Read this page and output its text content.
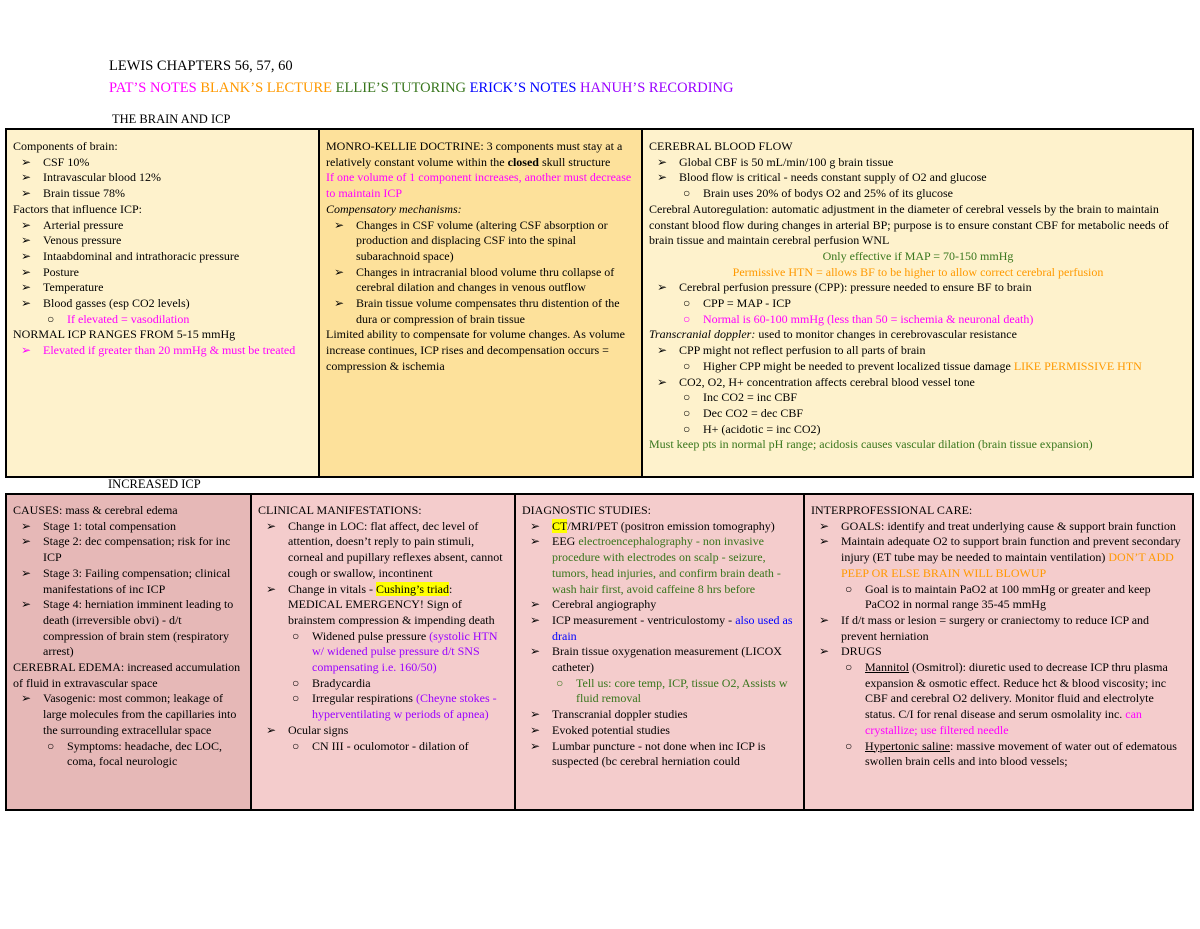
LEWIS CHAPTERS 56, 57, 60
PAT’S NOTES BLANK’S LECTURE ELLIE’S TUTORING ERICK’S NOTES HANUH’S RECORDING
THE BRAIN AND ICP
Components of brain:
➢ CSF 10%
➢ Intravascular blood 12%
➢ Brain tissue 78%
Factors that influence ICP:
➢ Arterial pressure
➢ Venous pressure
➢ Intaabdominal and intrathoracic pressure
➢ Posture
➢ Temperature
➢ Blood gasses (esp CO2 levels)
○ If elevated = vasodilation
NORMAL ICP RANGES FROM 5-15 mmHg
➢ Elevated if greater than 20 mmHg & must be treated

MONRO-KELLIE DOCTRINE: 3 components must stay at a relatively constant volume within the closed skull structure
If one volume of 1 component increases, another must decrease to maintain ICP
Compensatory mechanisms:
➢ Changes in CSF volume (altering CSF absorption or production and displacing CSF into the spinal subarachnoid space)
➢ Changes in intracranial blood volume thru collapse of cerebral dilation and changes in venous outflow
➢ Brain tissue volume compensates thru distention of the dura or compression of brain tissue
Limited ability to compensate for volume changes. As volume increase continues, ICP rises and decompensation occurs = compression & ischemia

CEREBRAL BLOOD FLOW
➢ Global CBF is 50 mL/min/100 g brain tissue
➢ Blood flow is critical - needs constant supply of O2 and glucose
○ Brain uses 20% of bodys O2 and 25% of its glucose
Cerebral Autoregulation: automatic adjustment in the diameter of cerebral vessels by the brain to maintain constant blood flow during changes in arterial BP; purpose is to ensure constant CBF for metabolic needs of brain tissue and maintain cerebral perfusion WNL
Only effective if MAP = 70-150 mmHg
Permissive HTN = allows BF to be higher to allow correct cerebral perfusion
➢ Cerebral perfusion pressure (CPP): pressure needed to ensure BF to brain
○ CPP = MAP - ICP
○ Normal is 60-100 mmHg (less than 50 = ischemia & neuronal death)
Transcranial doppler: used to monitor changes in cerebrovascular resistance
➢ CPP might not reflect perfusion to all parts of brain
○ Higher CPP might be needed to prevent localized tissue damage LIKE PERMISSIVE HTN
➢ CO2, O2, H+ concentration affects cerebral blood vessel tone
○ Inc CO2 = inc CBF
○ Dec CO2 = dec CBF
○ H+ (acidotic = inc CO2)
Must keep pts in normal pH range; acidosis causes vascular dilation (brain tissue expansion)
INCREASED ICP
CAUSES: mass & cerebral edema
➢ Stage 1: total compensation
➢ Stage 2: dec compensation; risk for inc ICP
➢ Stage 3: Failing compensation; clinical manifestations of inc ICP
➢ Stage 4: herniation imminent leading to death (irreversible obvi) - d/t compression of brain stem (respiratory arrest)
CEREBRAL EDEMA: increased accumulation of fluid in extravascular space
➢ Vasogenic: most common; leakage of large molecules from the capillaries into the surrounding extracellular space
○ Symptoms: headache, dec LOC, coma, focal neurologic

CLINICAL MANIFESTATIONS:
➢ Change in LOC: flat affect, dec level of attention, doesn’t reply to pain stimuli, corneal and pupillary reflexes absent, cannot cough or swallow, incontinent
➢ Change in vitals - Cushing’s triad: MEDICAL EMERGENCY! Sign of brainstem compression & impending death
○ Widened pulse pressure (systolic HTN w/ widened pulse pressure d/t SNS compensating i.e. 160/50)
○ Bradycardia
○ Irregular respirations (Cheyne stokes - hyperventilating w periods of apnea)
➢ Ocular signs
○ CN III - oculomotor - dilation of

DIAGNOSTIC STUDIES:
➢ CT/MRI/PET (positron emission tomography)
➢ EEG electroencephalography - non invasive procedure with electrodes on scalp - seizure, tumors, head injuries, and confirm brain death - wash hair first, avoid caffeine 8 hrs before
➢ Cerebral angiography
➢ ICP measurement - ventriculostomy - also used as drain
➢ Brain tissue oxygenation measurement (LICOX catheter)
○ Tell us: core temp, ICP, tissue O2, Assists w fluid removal
➢ Transcranial doppler studies
➢ Evoked potential studies
➢ Lumbar puncture - not done when inc ICP is suspected (bc cerebral herniation could

INTERPROFESSIONAL CARE:
➢ GOALS: identify and treat underlying cause & support brain function
➢ Maintain adequate O2 to support brain function and prevent secondary injury (ET tube may be needed to maintain ventilation) DON’T ADD PEEP OR ELSE BRAIN WILL BLOWUP
○ Goal is to maintain PaO2 at 100 mmHg or greater and keep PaCO2 in normal range 35-45 mmHg
➢ If d/t mass or lesion = surgery or craniectomy to reduce ICP and prevent herniation
➢ DRUGS
○ Mannitol (Osmitrol): diuretic used to decrease ICP thru plasma expansion & osmotic effect. Reduce hct & blood viscosity; inc CBF and cerebral O2 delivery. Monitor fluid and electrolyte status. C/I for renal disease and serum osmolality inc. can crystallize; use filtered needle
○ Hypertonic saline: massive movement of water out of edematous swollen brain cells and into blood vessels;
